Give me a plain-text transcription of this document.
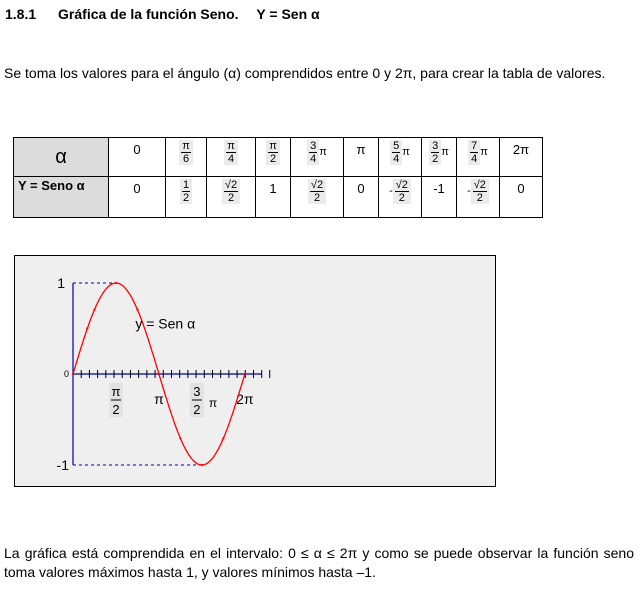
1.8.1 Gráfica de la función Seno. Y = Sen α
Se toma los valores para el ángulo (α) comprendidos entre 0 y 2π, para crear la tabla de valores.
α	0	$\frac{\pi}{6}$	$\frac{\pi}{4}$	$\frac{\pi}{2}$	$\frac{3}{4} ^\pi$	π	$\frac{5}{4} ^\pi$	$\frac{3}{2} ^\pi$	$\frac{7}{4} ^\pi$	2π
Y = Seno α	0	$\frac{1}{2}$	$\frac{√2}{2}$	1	$\frac{√2}{2}$	0	$^- \frac{√2}{2}$	-1	$^- \frac{√2}{2}$	0
1
0
-1
π
2
π 3
2 π 2π
y = Sen α
La gráfica está comprendida en el intervalo: 0 ≤ α ≤ 2π y como se puede observar la función seno toma valores máximos hasta 1, y valores mínimos hasta –1.
